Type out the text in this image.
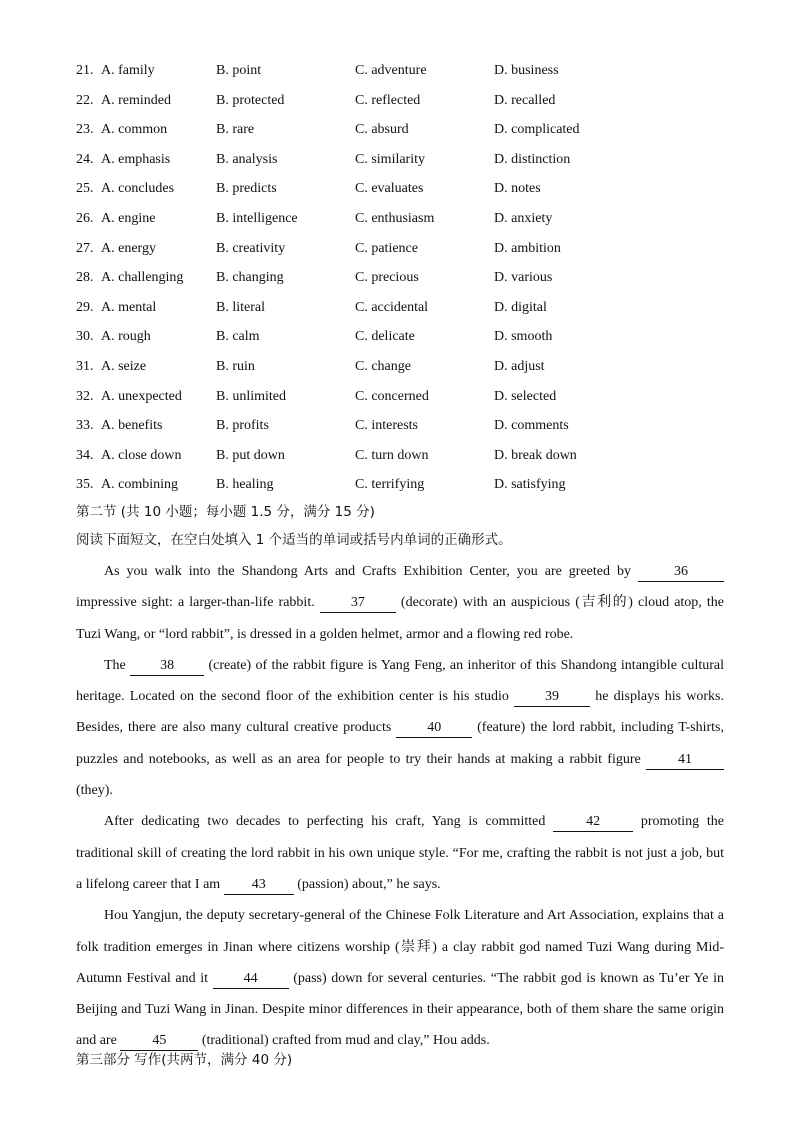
21. A. family	B. point	C. adventure	D. business
22. A. reminded	B. protected	C. reflected	D. recalled
23. A. common	B. rare	C. absurd	D. complicated
24. A. emphasis	B. analysis	C. similarity	D. distinction
25. A. concludes	B. predicts	C. evaluates	D. notes
26. A. engine	B. intelligence	C. enthusiasm	D. anxiety
27. A. energy	B. creativity	C. patience	D. ambition
28. A. challenging B. changing	C. precious	D. various
29. A. mental	B. literal	C. accidental	D. digital
30. A. rough	B. calm	C. delicate	D. smooth
31. A. seize	B. ruin	C. change	D. adjust
32. A. unexpected B. unlimited	C. concerned	D. selected
33. A. benefits	B. profits	C. interests	D. comments
34. A. close down B. put down	C. turn down	D. break down
35. A. combining	B. healing	C. terrifying	D. satisfying
第二节 (共 10 小题；每小题 1.5 分，满分 15 分)
阅读下面短文，在空白处填入 1 个适当的单词或括号内单词的正确形式。

As you walk into the Shandong Arts and Crafts Exhibition Center, you are greeted by	36 impressive sight: a larger-than-life rabbit. 37 (decorate) with an auspicious (吉利的) cloud atop, the Tuzi Wang, or “lord rabbit”, is dressed in a golden helmet, armor and a flowing red robe.

The 38 (create) of the rabbit figure is Yang Feng, an inheritor of this Shandong intangible cultural heritage. Located on the second floor of the exhibition center is his studio 39 he displays his works. Besides, there are also many cultural creative products 40 (feature) the lord rabbit, including T-shirts, puzzles and notebooks, as well as an area for people to try their hands at making a rabbit figure 41 (they).

After dedicating two decades to perfecting his craft, Yang is committed 42 promoting the traditional skill of creating the lord rabbit in his own unique style. “For me, crafting the rabbit is not just a job, but a lifelong career that I am 43 (passion) about,” he says.

Hou Yangjun, the deputy secretary-general of the Chinese Folk Literature and Art Association, explains that a folk tradition emerges in Jinan where citizens worship (崇拜) a clay rabbit god named Tuzi Wang during Mid-Autumn Festival and it 44 (pass) down for several centuries. “The rabbit god is known as Tu’er Ye in Beijing and Tuzi Wang in Jinan. Despite minor differences in their appearance, both of them share the same origin and are 45 (traditional) crafted from mud and clay,” Hou adds.

第三部分 写作(共两节，满分 40 分)
